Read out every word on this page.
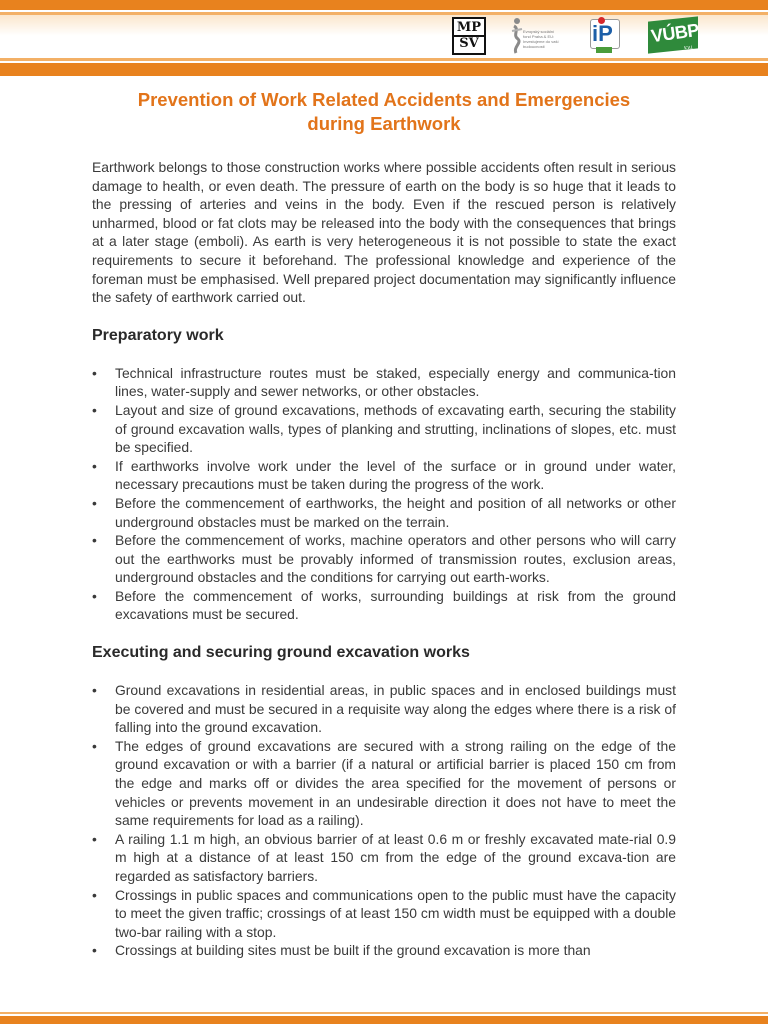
MP
SV
Evropský sociální fond Praha & EU: Investujeme do vaší budoucnosti
iP VÚBP
v.v.i.
Prevention of Work Related Accidents and Emergencies
during Earthwork

Earthwork belongs to those construction works where possible accidents often result in serious damage to health, or even death. The pressure of earth on the body is so huge that it leads to the pressing of arteries and veins in the body. Even if the rescued person is relatively unharmed, blood or fat clots may be released into the body with the consequences that brings at a later stage (emboli). As earth is very heterogeneous it is not possible to state the exact requirements to secure it beforehand. The professional knowledge and experience of the foreman must be emphasised. Well prepared project documentation may significantly influence the safety of earthwork carried out.

Preparatory work
• Technical infrastructure routes must be staked, especially energy and communica-tion lines, water-supply and sewer networks, or other obstacles.
• Layout and size of ground excavations, methods of excavating earth, securing the stability of ground excavation walls, types of planking and strutting, inclinations of slopes, etc. must be specified.
• If earthworks involve work under the level of the surface or in ground under water, necessary precautions must be taken during the progress of the work.
• Before the commencement of earthworks, the height and position of all networks or other underground obstacles must be marked on the terrain.
• Before the commencement of works, machine operators and other persons who will carry out the earthworks must be provably informed of transmission routes, exclusion areas, underground obstacles and the conditions for carrying out earth-works.
• Before the commencement of works, surrounding buildings at risk from the ground excavations must be secured.
Executing and securing ground excavation works
• Ground excavations in residential areas, in public spaces and in enclosed buildings must be covered and must be secured in a requisite way along the edges where there is a risk of falling into the ground excavation.
• The edges of ground excavations are secured with a strong railing on the edge of the ground excavation or with a barrier (if a natural or artificial barrier is placed 150 cm from the edge and marks off or divides the area specified for the movement of persons or vehicles or prevents movement in an undesirable direction it does not have to meet the same requirements for load as a railing).
• A railing 1.1 m high, an obvious barrier of at least 0.6 m or freshly excavated mate-rial 0.9 m high at a distance of at least 150 cm from the edge of the ground excava-tion are regarded as satisfactory barriers.
• Crossings in public spaces and communications open to the public must have the capacity to meet the given traffic; crossings of at least 150 cm width must be equipped with a double two-bar railing with a stop.
• Crossings at building sites must be built if the ground excavation is more than
